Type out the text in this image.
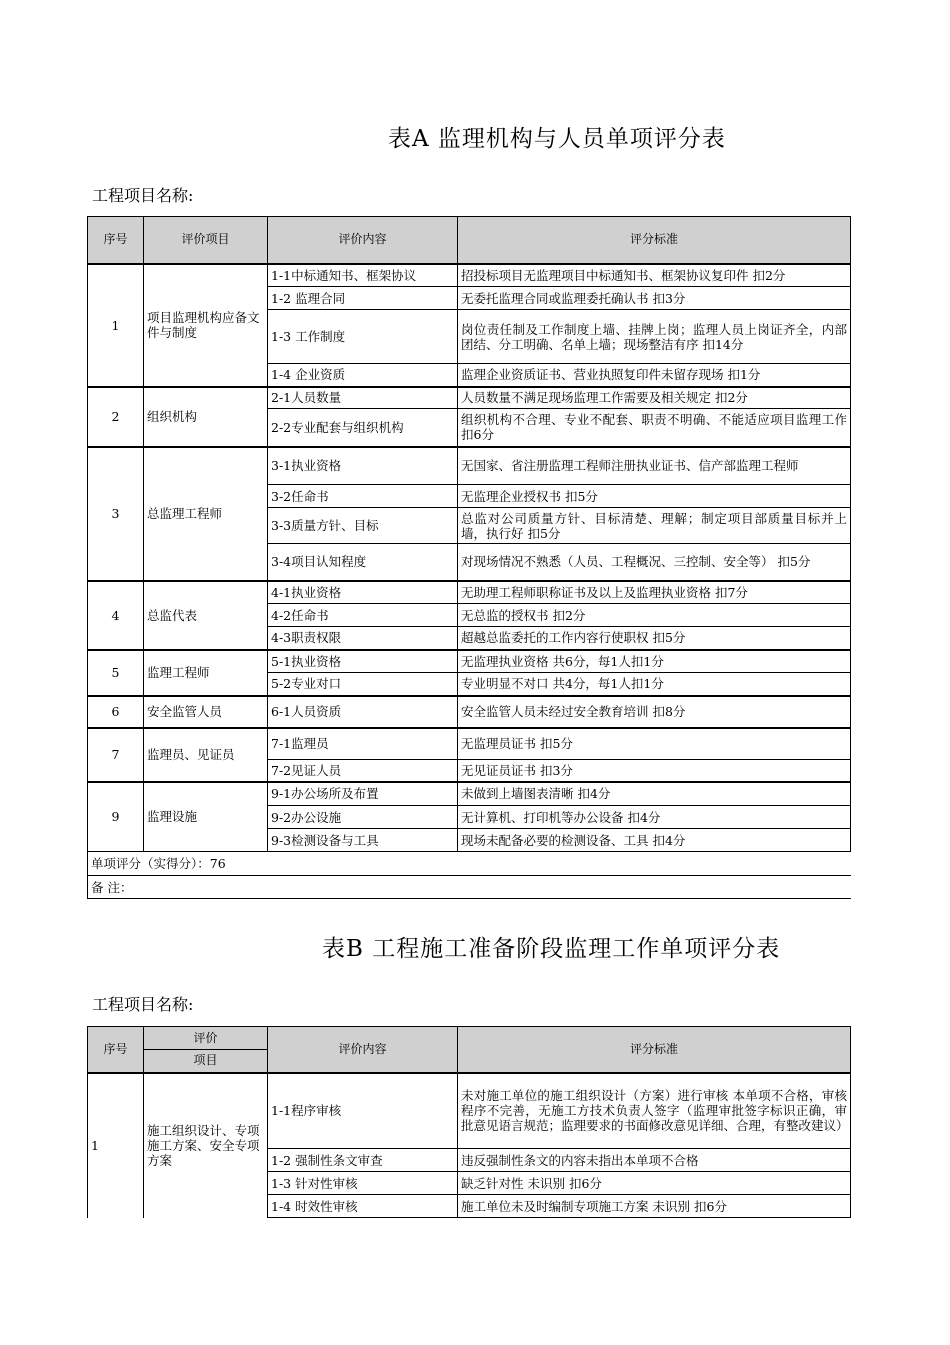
表A 监理机构与人员单项评分表
工程项目名称:
序号	评价项目	评价内容	评分标准
1	项目监理机构应备文件与制度	1-1中标通知书、框架协议	招投标项目无监理项目中标通知书、框架协议复印件 扣2分
		1-2 监理合同	无委托监理合同或监理委托确认书 扣3分
		1-3 工作制度	岗位责任制及工作制度上墙、挂牌上岗；监理人员上岗证齐全，内部团结、分工明确、名单上墙；现场整洁有序 扣14分
		1-4 企业资质	监理企业资质证书、营业执照复印件未留存现场 扣1分
2	组织机构	2-1人员数量	人员数量不满足现场监理工作需要及相关规定 扣2分
		2-2专业配套与组织机构	组织机构不合理、专业不配套、职责不明确、不能适应项目监理工作 扣6分
3	总监理工程师	3-1执业资格	无国家、省注册监理工程师注册执业证书、信产部监理工程师
		3-2任命书	无监理企业授权书 扣5分
		3-3质量方针、目标	总监对公司质量方针、目标清楚、理解；制定项目部质量目标并上墙，执行好 扣5分
		3-4项目认知程度	对现场情况不熟悉（人员、工程概况、三控制、安全等） 扣5分
4	总监代表	4-1执业资格	无助理工程师职称证书及以上及监理执业资格 扣7分
		4-2任命书	无总监的授权书 扣2分
		4-3职责权限	超越总监委托的工作内容行使职权 扣5分
5	监理工程师	5-1执业资格	无监理执业资格 共6分，每1人扣1分
		5-2专业对口	专业明显不对口 共4分，每1人扣1分
6	安全监管人员	6-1人员资质	安全监管人员未经过安全教育培训 扣8分
7	监理员、见证员	7-1监理员	无监理员证书 扣5分
		7-2见证人员	无见证员证书 扣3分
9	监理设施	9-1办公场所及布置	未做到上墙图表清晰 扣4分
		9-2办公设施	无计算机、打印机等办公设备 扣4分
		9-3检测设备与工具	现场未配备必要的检测设备、工具 扣4分
单项评分（实得分）：76			
备 注：			
表B 工程施工准备阶段监理工作单项评分表
工程项目名称:
序号	评价	评价内容	评分标准
	项目		
1	施工组织设计、专项施工方案、安全专项方案	1-1程序审核	未对施工单位的施工组织设计（方案）进行审核 本单项不合格，审核程序不完善，无施工方技术负责人签字（监理审批签字标识正确，审批意见语言规范；监理要求的书面修改意见详细、合理，有整改建议）
		1-2 强制性条文审查	违反强制性条文的内容未指出本单项不合格
		1-3 针对性审核	缺乏针对性 未识别 扣6分
		1-4 时效性审核	施工单位未及时编制专项施工方案 未识别 扣6分
